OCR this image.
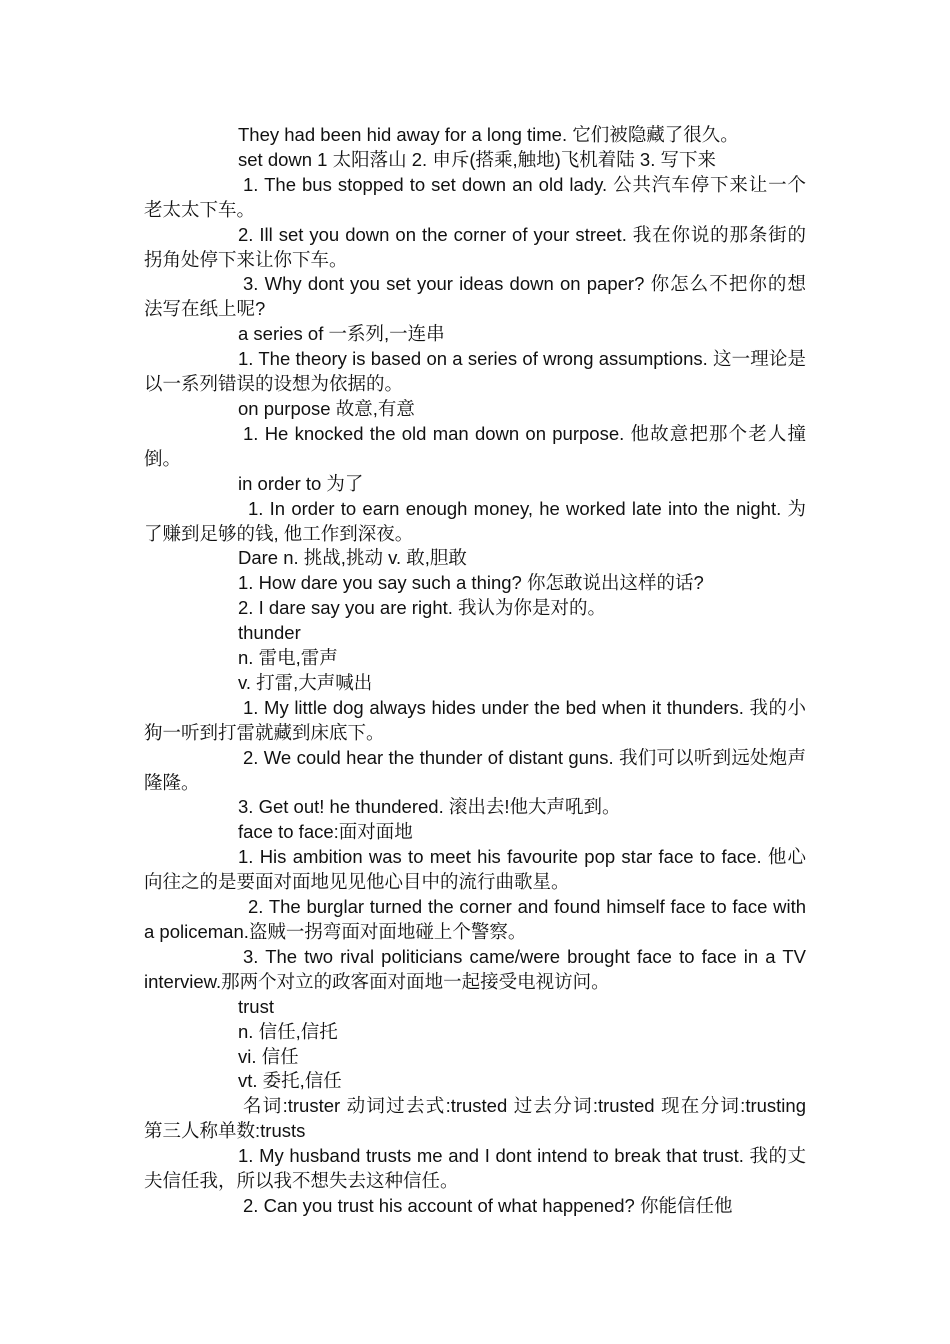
They had been hid away for a long time. 它们被隐藏了很久。

set down 1 太阳落山 2. 申斥(搭乘,触地)飞机着陆 3. 写下来

1. The bus stopped to set down an old lady. 公共汽车停下来让一个老太太下车。

2. Ill set you down on the corner of your street. 我在你说的那条街的拐角处停下来让你下车。

3. Why dont you set your ideas down on paper? 你怎么不把你的想法写在纸上呢?

a series of 一系列,一连串

1. The theory is based on a series of wrong assumptions. 这一理论是以一系列错误的设想为依据的。

on purpose 故意,有意

1. He knocked the old man down on purpose. 他故意把那个老人撞倒。

in order to 为了

1. In order to earn enough money, he worked late into the night. 为了赚到足够的钱, 他工作到深夜。

Dare n. 挑战,挑动 v. 敢,胆敢

1. How dare you say such a thing? 你怎敢说出这样的话?

2. I dare say you are right. 我认为你是对的。

thunder

n. 雷电,雷声

v. 打雷,大声喊出

1. My little dog always hides under the bed when it thunders. 我的小狗一听到打雷就藏到床底下。

2. We could hear the thunder of distant guns. 我们可以听到远处炮声隆隆。

3. Get out! he thundered. 滚出去!他大声吼到。

face to face:面对面地

1. His ambition was to meet his favourite pop star face to face. 他心向往之的是要面对面地见见他心目中的流行曲歌星。

2. The burglar turned the corner and found himself face to face with a policeman.盗贼一拐弯面对面地碰上个警察。

3. The two rival politicians came/were brought face to face in a TV interview.那两个对立的政客面对面地一起接受电视访问。

trust

n. 信任,信托

vi. 信任

vt. 委托,信任

名词:truster 动词过去式:trusted 过去分词:trusted 现在分词:trusting 第三人称单数:trusts

1. My husband trusts me and I dont intend to break that trust. 我的丈夫信任我，所以我不想失去这种信任。

2. Can you trust his account of what happened? 你能信任他
